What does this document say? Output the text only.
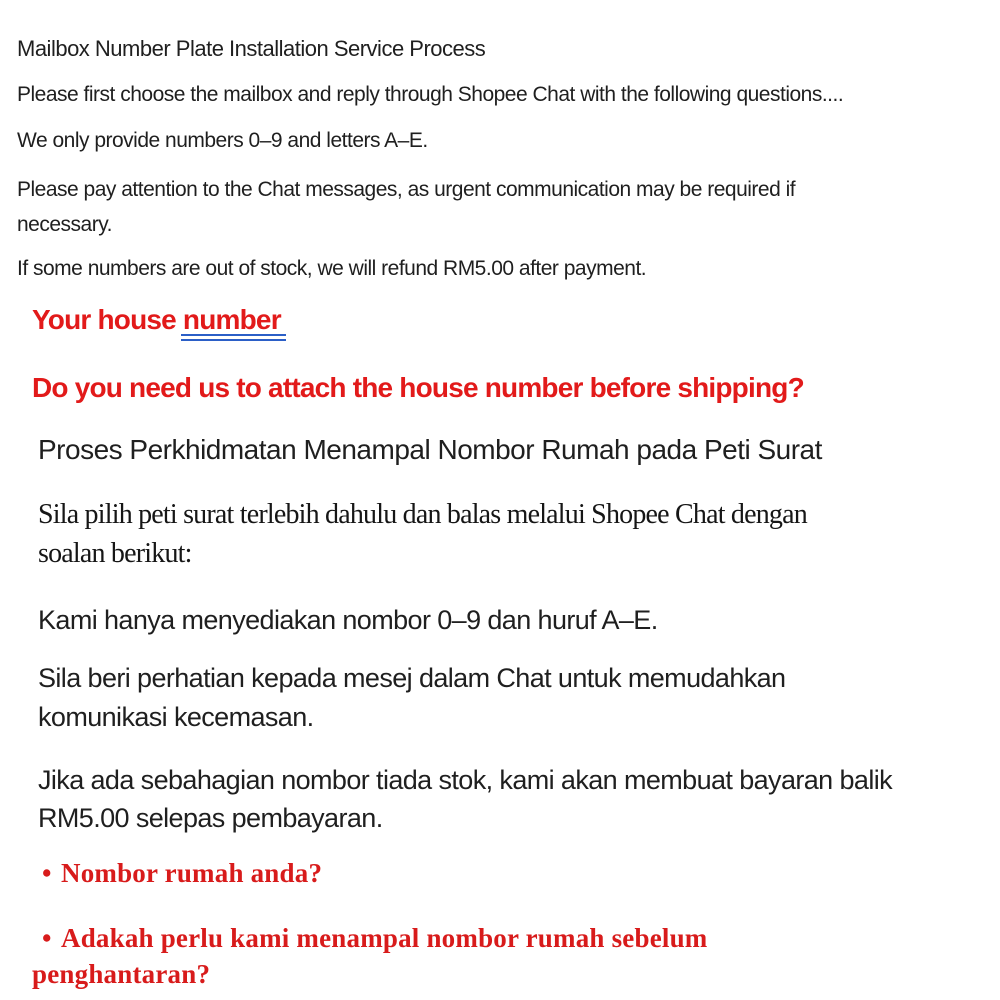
Mailbox Number Plate Installation Service Process
Please first choose the mailbox and reply through Shopee Chat with the following questions....
We only provide numbers 0–9 and letters A–E.
Please pay attention to the Chat messages, as urgent communication may be required if
necessary.
If some numbers are out of stock, we will refund RM5.00 after payment.
Your house number
Do you need us to attach the house number before shipping?
Proses Perkhidmatan Menampal Nombor Rumah pada Peti Surat
Sila pilih peti surat terlebih dahulu dan balas melalui Shopee Chat dengan
soalan berikut:
Kami hanya menyediakan nombor 0–9 dan huruf A–E.
Sila beri perhatian kepada mesej dalam Chat untuk memudahkan
komunikasi kecemasan.
Jika ada sebahagian nombor tiada stok, kami akan membuat bayaran balik
RM5.00 selepas pembayaran.
• Nombor rumah anda?
• Adakah perlu kami menampal nombor rumah sebelum
penghantaran?
